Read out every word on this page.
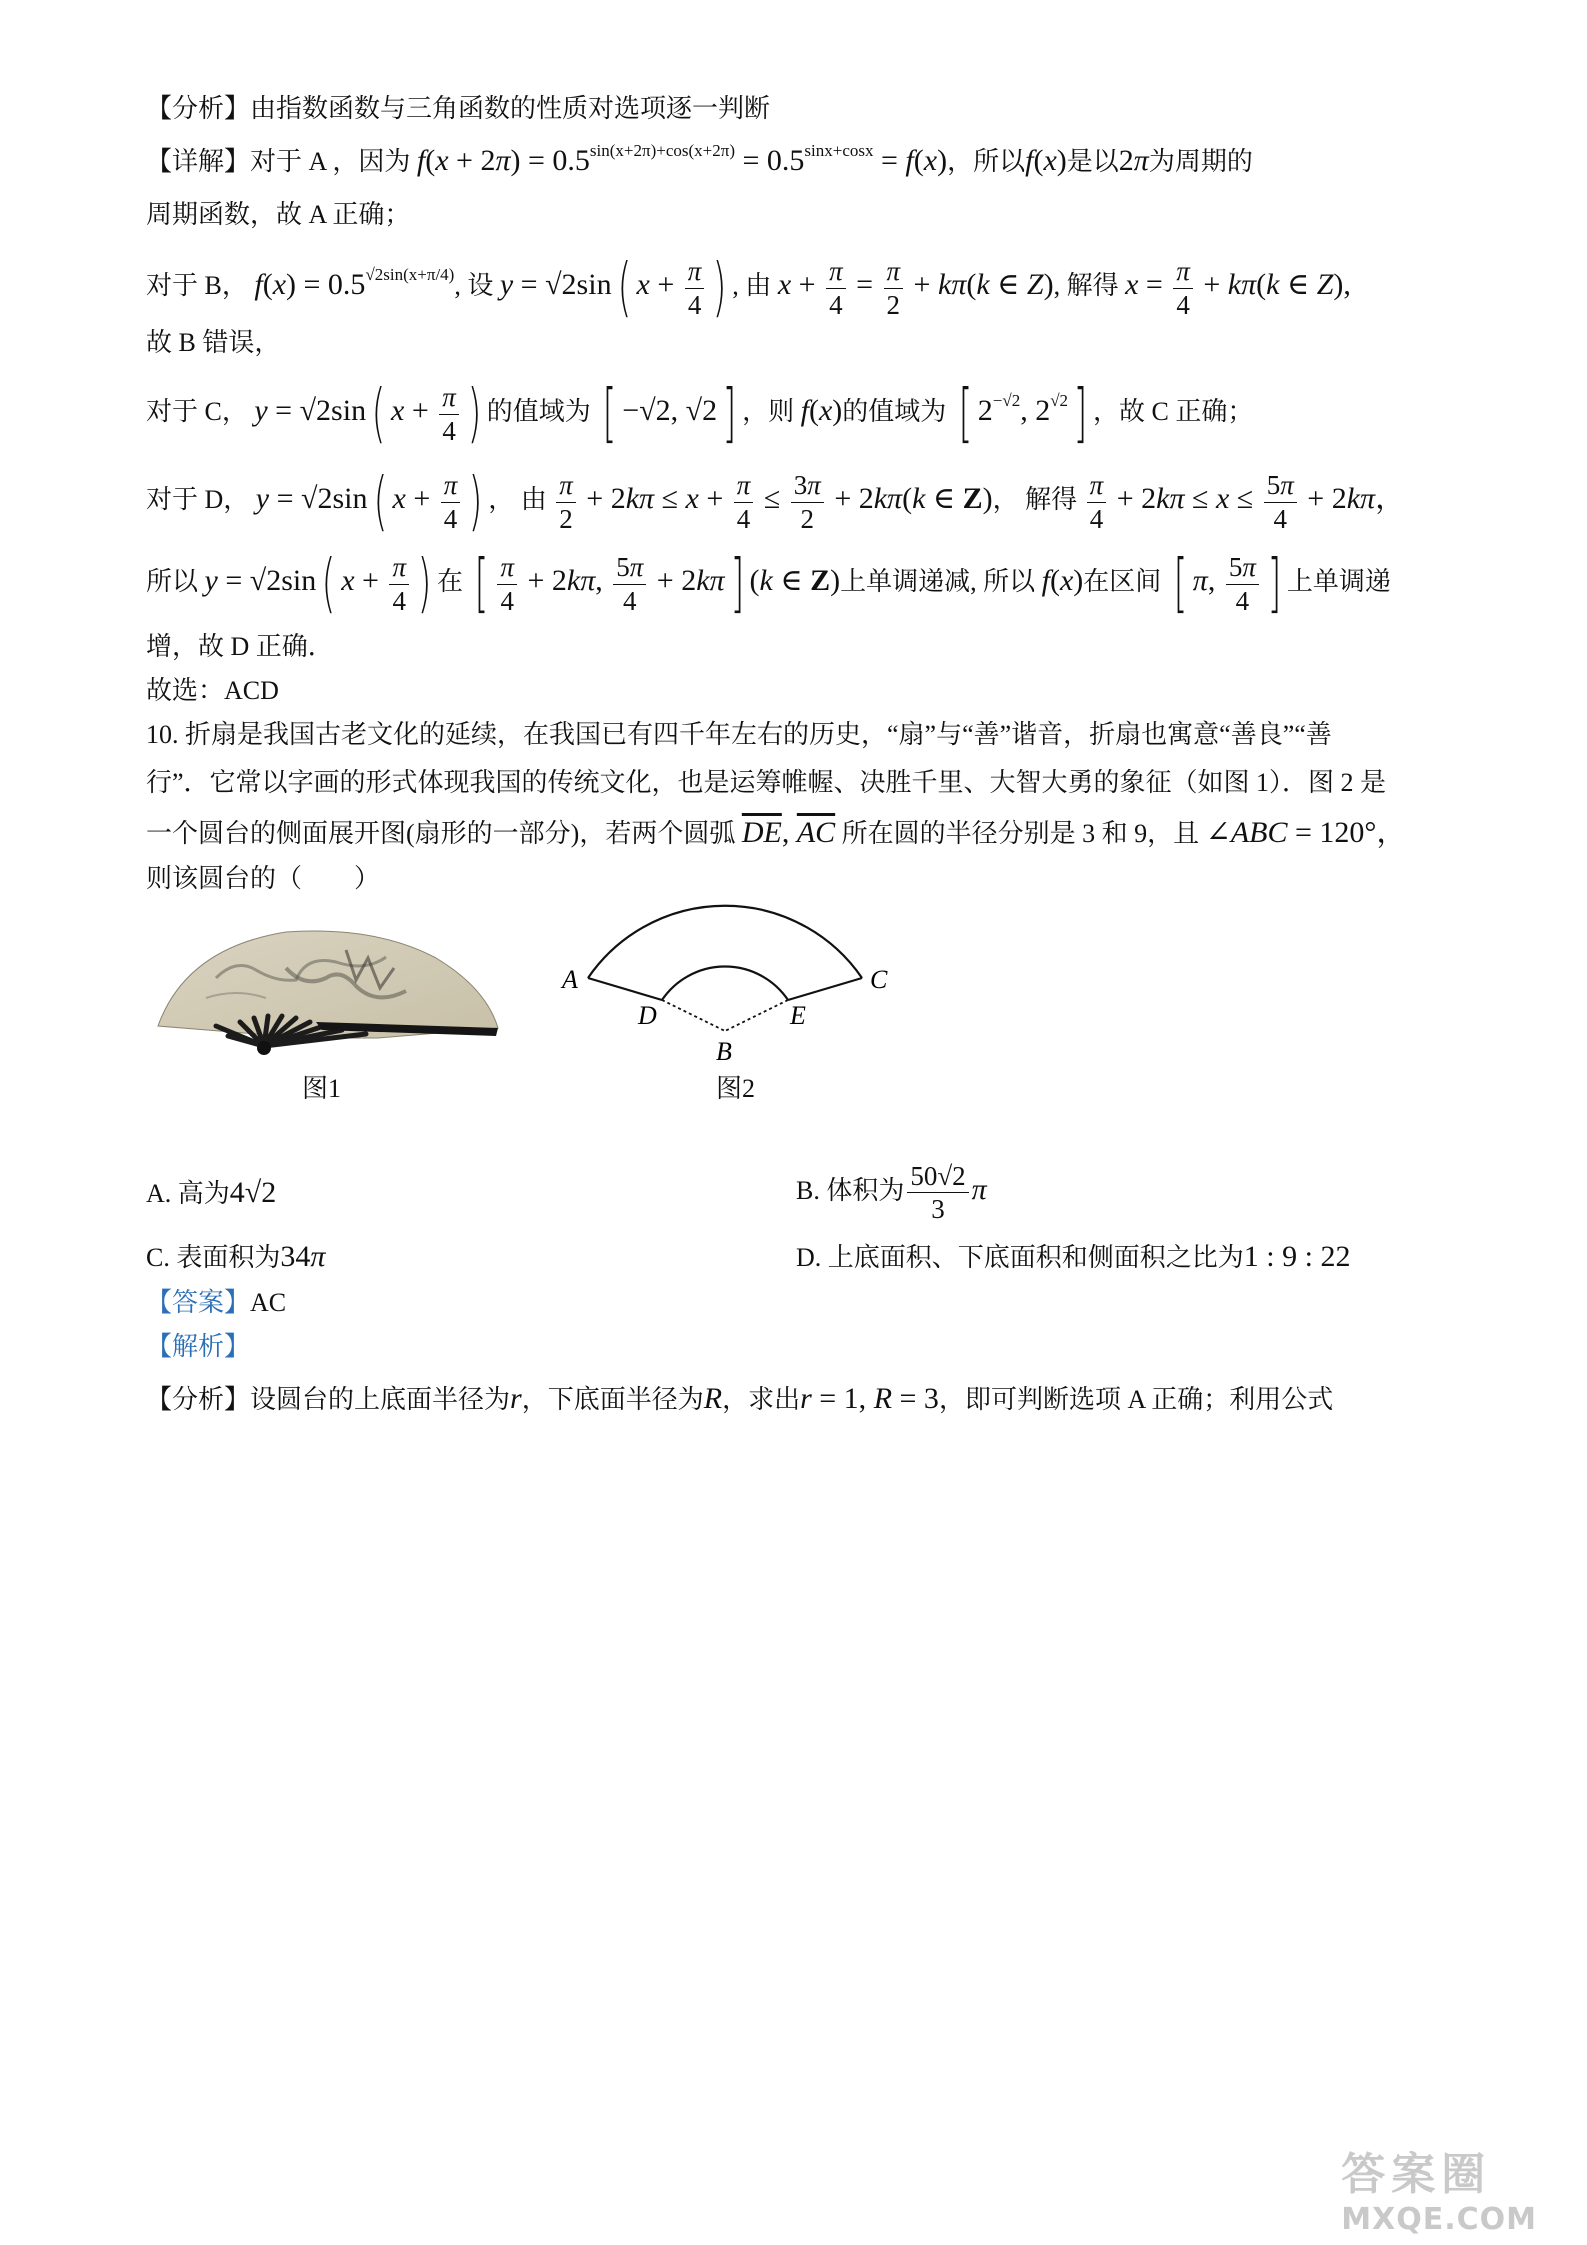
【分析】由指数函数与三角函数的性质对选项逐一判断
【详解】对于 A ，因为 $f(x + 2\pi) = 0.5^{sin(x+2\pi)+cos(x+2\pi)} = 0.5^{sinx+cosx} = f(x)$，所以f(x)是以2π为周期的
周期函数，故 A 正确；
对于 B， $f(x) = 0.5^{√2sin(x+\pi/4)}$, 设 y = √2sin( $x + \frac{\pi}{4}$ ) , 由 $x + \frac{\pi}{4} = \frac{\pi}{2} + k\pi(k$ ∈ Z), 解得 $x = \frac{\pi}{4} + k\pi(k$ ∈ Z),
故 B 错误，
对于 C， y = √2sin( $x + \frac{\pi}{4}$ ) 的值域为 [ −√2, √2] ，则 f(x)的值域为 [ $2^{-√2}$, $2^{√2}$] ，故 C 正确；
对于 D， y = √2sin( $x + \frac{\pi}{4}$ ) ， 由 $\frac{\pi}{2} + 2k\pi \le x + \frac{\pi}{4} \le \frac{3\pi}{2} + 2k\pi(k$ ∈ Z)， 解得 $\frac{\pi}{4} + 2k\pi \le x \le \frac{5\pi}{4} + 2k\pi$，
所以 y = √2sin( $x + \frac{\pi}{4}$ ) 在 [ $\frac{\pi}{4} + 2k\pi$, $\frac{5\pi}{4} + 2k\pi$] (k ∈ Z)上单调递减, 所以 f(x)在区间 [ π, $\frac{5\pi}{4}$ ] 上单调递
增，故 D 正确．
故选：ACD
10. 折扇是我国古老文化的延续，在我国已有四千年左右的历史，“扇”与“善”谐音，折扇也寓意“善良”“善
行”．它常以字画的形式体现我国的传统文化，也是运筹帷幄、决胜千里、大智大勇的象征（如图 1）．图 2 是
一个圆台的侧面展开图(扇形的一部分)，若两个圆弧 $\overline{DE}$, $\overline{AC}$ 所在圆的半径分别是 3 和 9，且 ∠ABC = 120°，
则该圆台的（　　）
图1
A	C
D	E
B
图2
A. 高为4√2	B. 体积为 $\frac{50√2}{3}$ π
C. 表面积为34π	D. 上底面积、下底面积和侧面积之比为1 : 9 : 22
【答案】AC
【解析】
【分析】设圆台的上底面半径为r，下底面半径为R，求出r = 1, R = 3，即可判断选项 A 正确；利用公式
答案圈
MXQE.COM
